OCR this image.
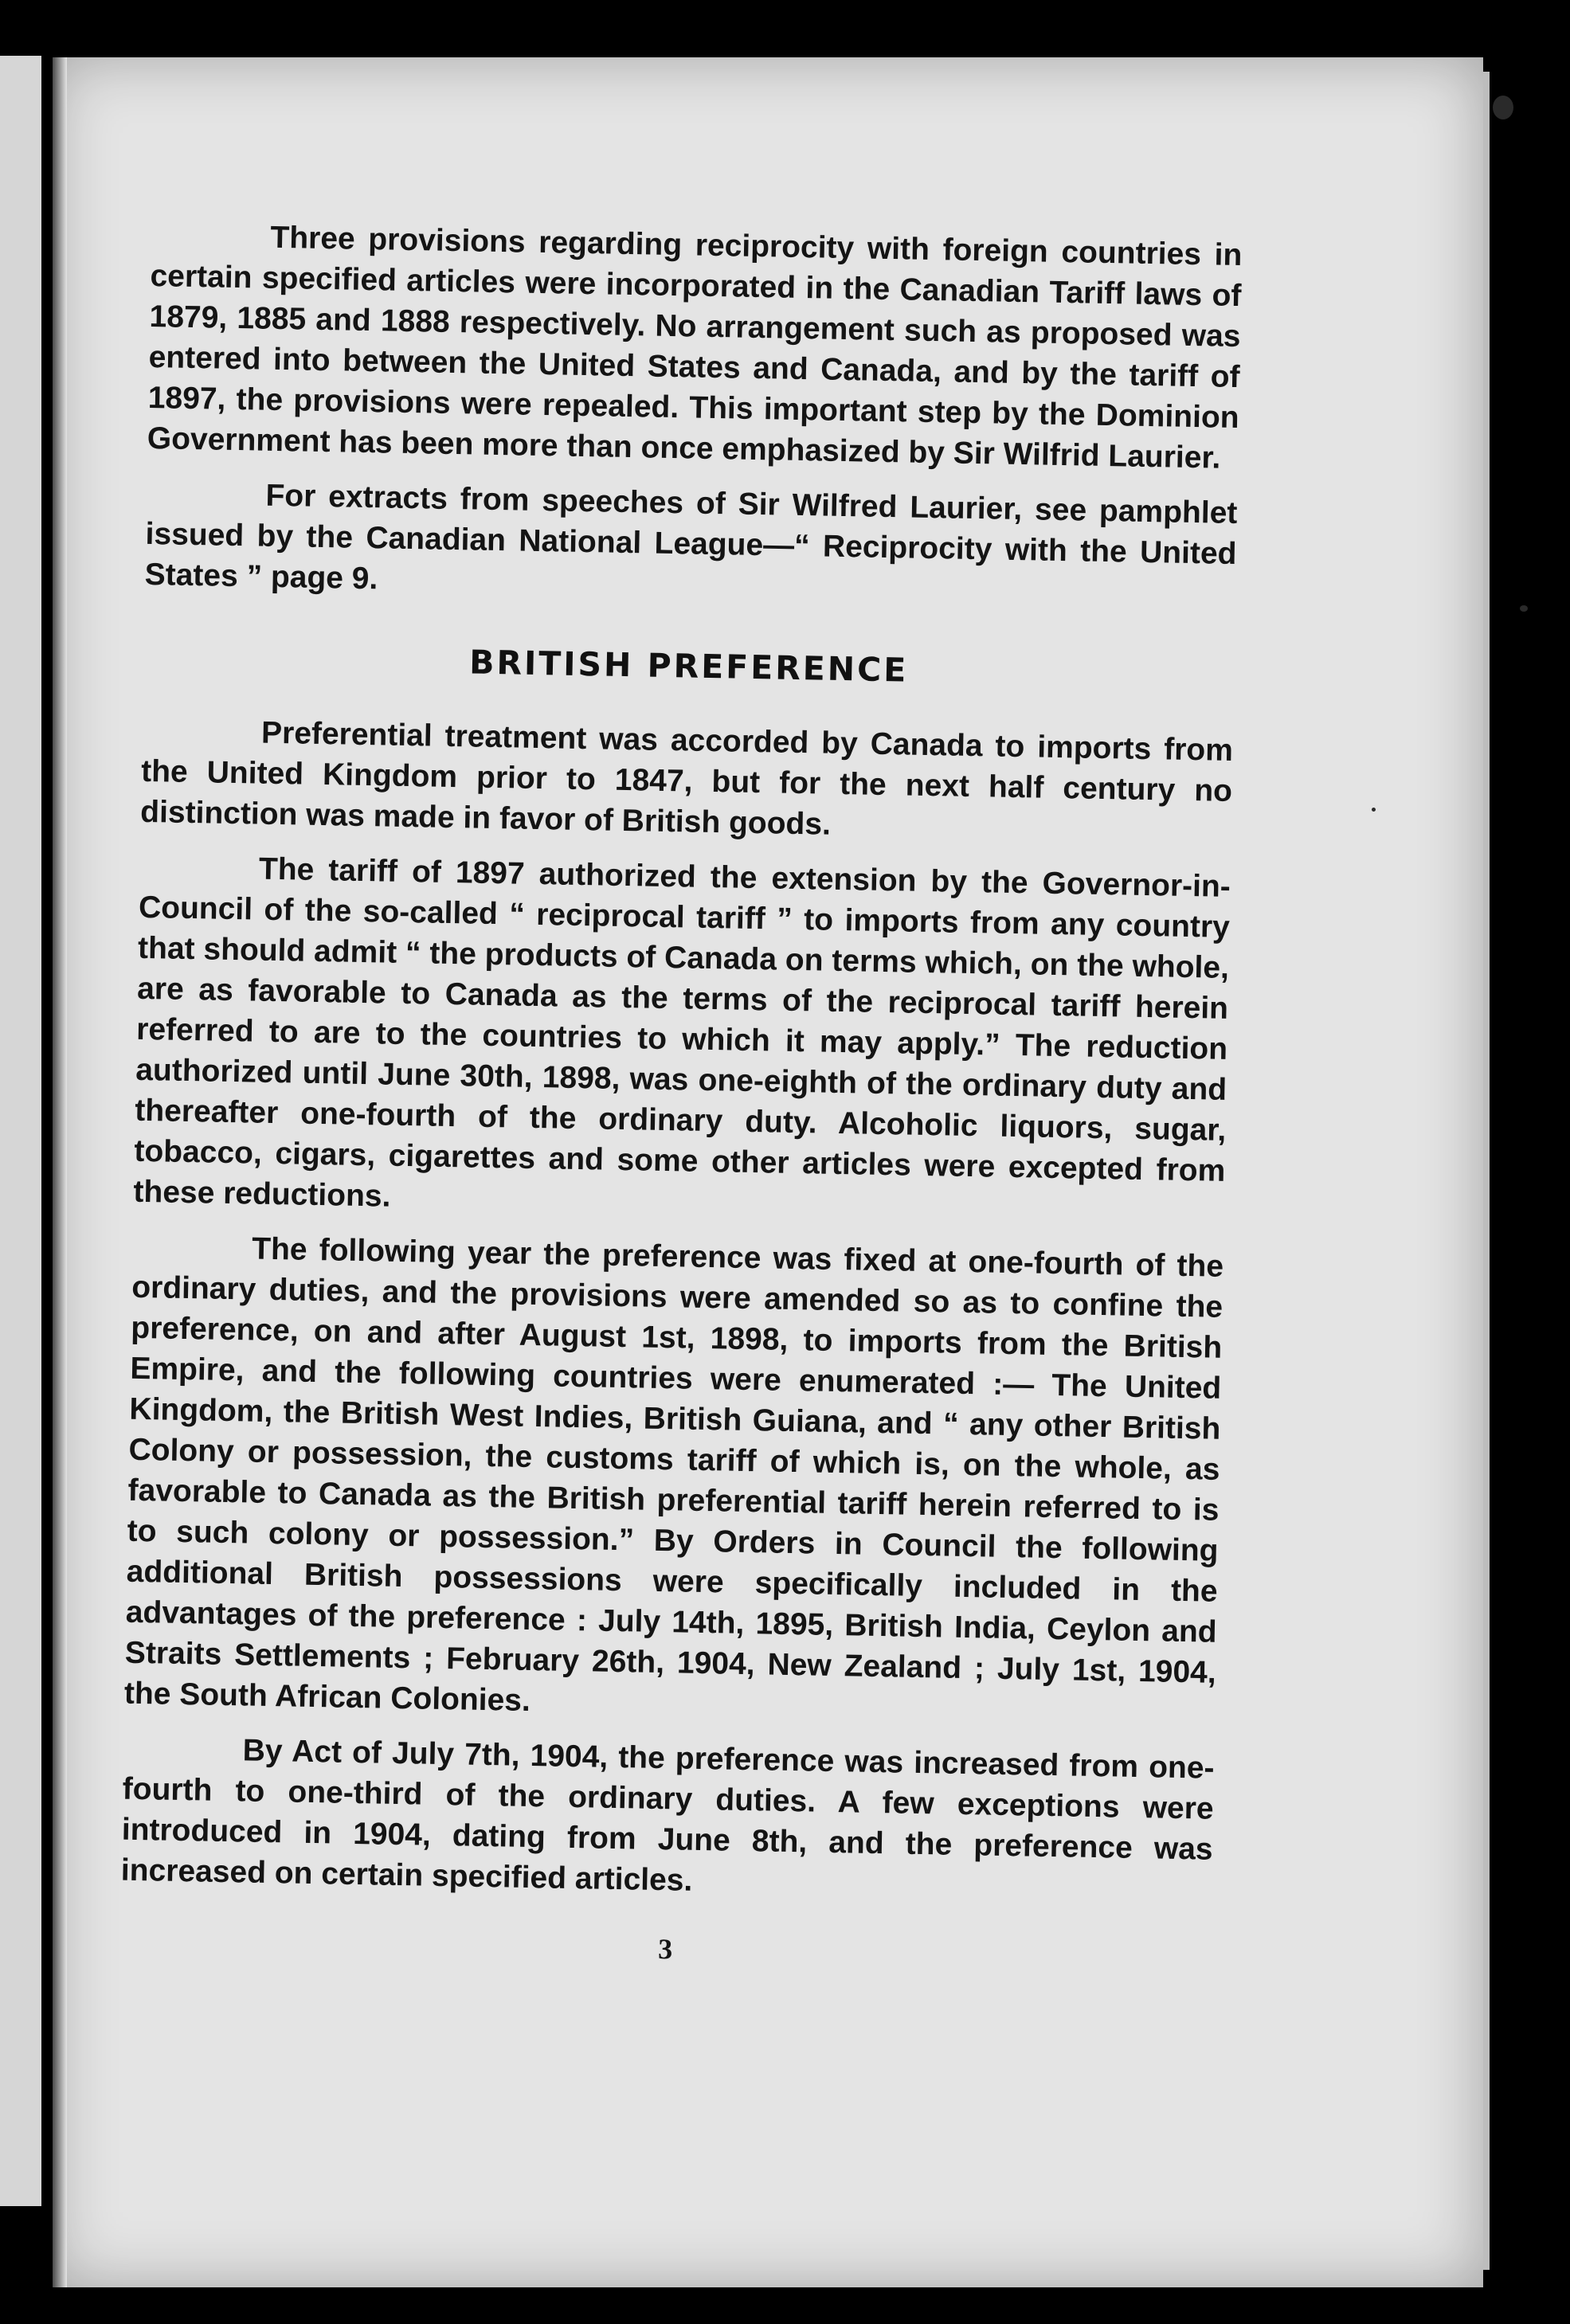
Three provisions regarding reciprocity with foreign countries in certain specified articles were incorporated in the Canadian Tariff laws of 1879, 1885 and 1888 respectively. No arrangement such as proposed was entered into between the United States and Canada, and by the tariff of 1897, the provisions were repealed. This important step by the Dominion Government has been more than once emphasized by Sir Wilfrid Laurier.

For extracts from speeches of Sir Wilfred Laurier, see pamphlet issued by the Canadian National League—“ Reciprocity with the United States ” page 9.

BRITISH PREFERENCE

Preferential treatment was accorded by Canada to imports from the United Kingdom prior to 1847, but for the next half century no distinction was made in favor of British goods.

The tariff of 1897 authorized the extension by the Governor-in-Council of the so-called “ reciprocal tariff ” to imports from any country that should admit “ the products of Canada on terms which, on the whole, are as favorable to Canada as the terms of the reciprocal tariff herein referred to are to the countries to which it may apply.” The reduction authorized until June 30th, 1898, was one-eighth of the ordinary duty and thereafter one-fourth of the ordinary duty. Alcoholic liquors, sugar, tobacco, cigars, cigarettes and some other articles were excepted from these reductions.

The following year the preference was fixed at one-fourth of the ordinary duties, and the provisions were amended so as to confine the preference, on and after August 1st, 1898, to imports from the British Empire, and the following countries were enumerated :— The United Kingdom, the British West Indies, British Guiana, and “ any other British Colony or possession, the customs tariff of which is, on the whole, as favorable to Canada as the British preferential tariff herein referred to is to such colony or possession.” By Orders in Council the following additional British possessions were specifically included in the advantages of the preference : July 14th, 1895, British India, Ceylon and Straits Settlements ; February 26th, 1904, New Zealand ; July 1st, 1904, the South African Colonies.

By Act of July 7th, 1904, the preference was increased from one-fourth to one-third of the ordinary duties. A few exceptions were introduced in 1904, dating from June 8th, and the preference was increased on certain specified articles.

3
